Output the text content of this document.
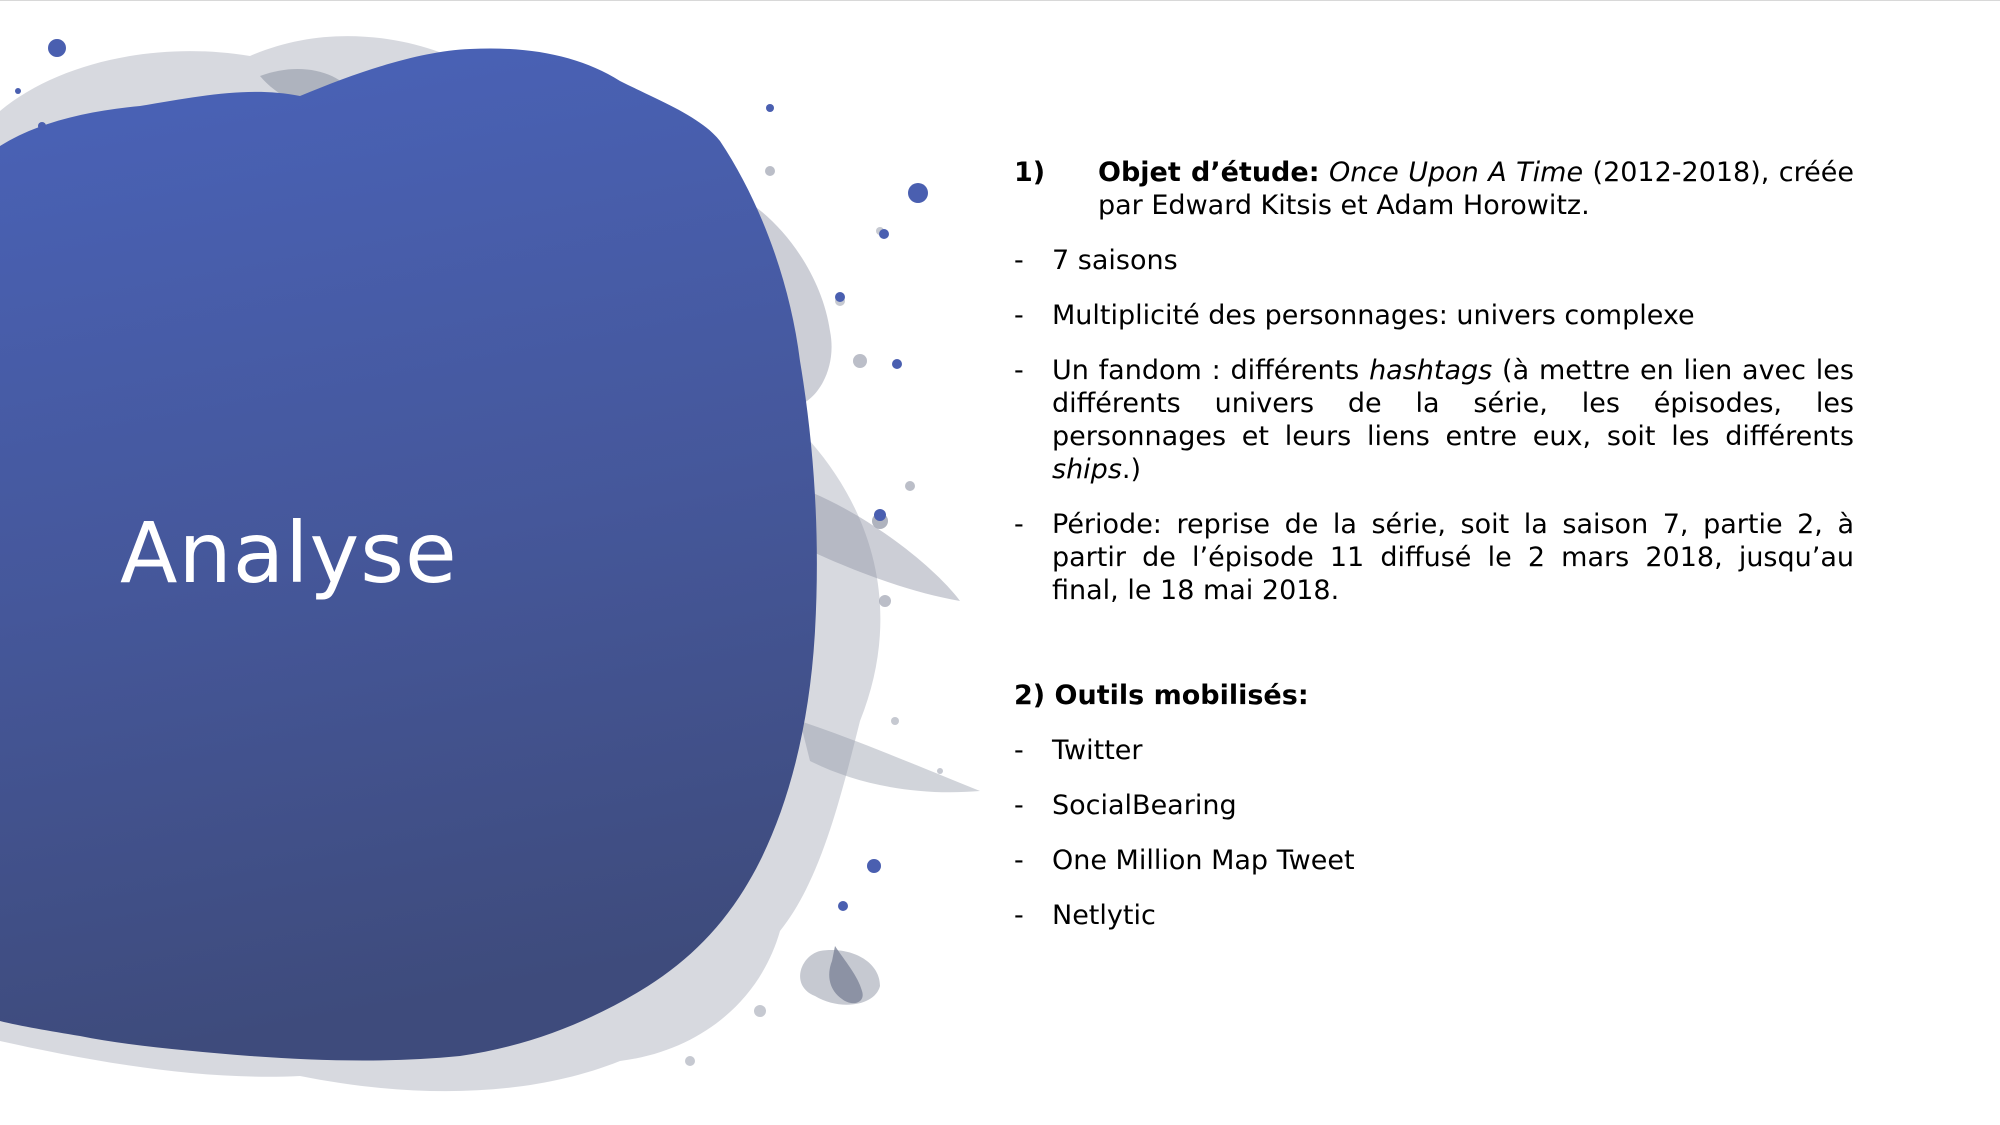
Analyse
1)	Objet d’étude: Once Upon A Time (2012-2018), créée par Edward Kitsis et Adam Horowitz.
-	7 saisons
-	Multiplicité des personnages: univers complexe
-	Un fandom : différents hashtags (à mettre en lien avec les différents univers de la série, les épisodes, les personnages et leurs liens entre eux, soit les différents ships.)
-	Période: reprise de la série, soit la saison 7, partie 2, à partir de l’épisode 11 diffusé le 2 mars 2018, jusqu’au final, le 18 mai 2018.
2) Outils mobilisés:
-	Twitter
-	SocialBearing
-	One Million Map Tweet
-	Netlytic
